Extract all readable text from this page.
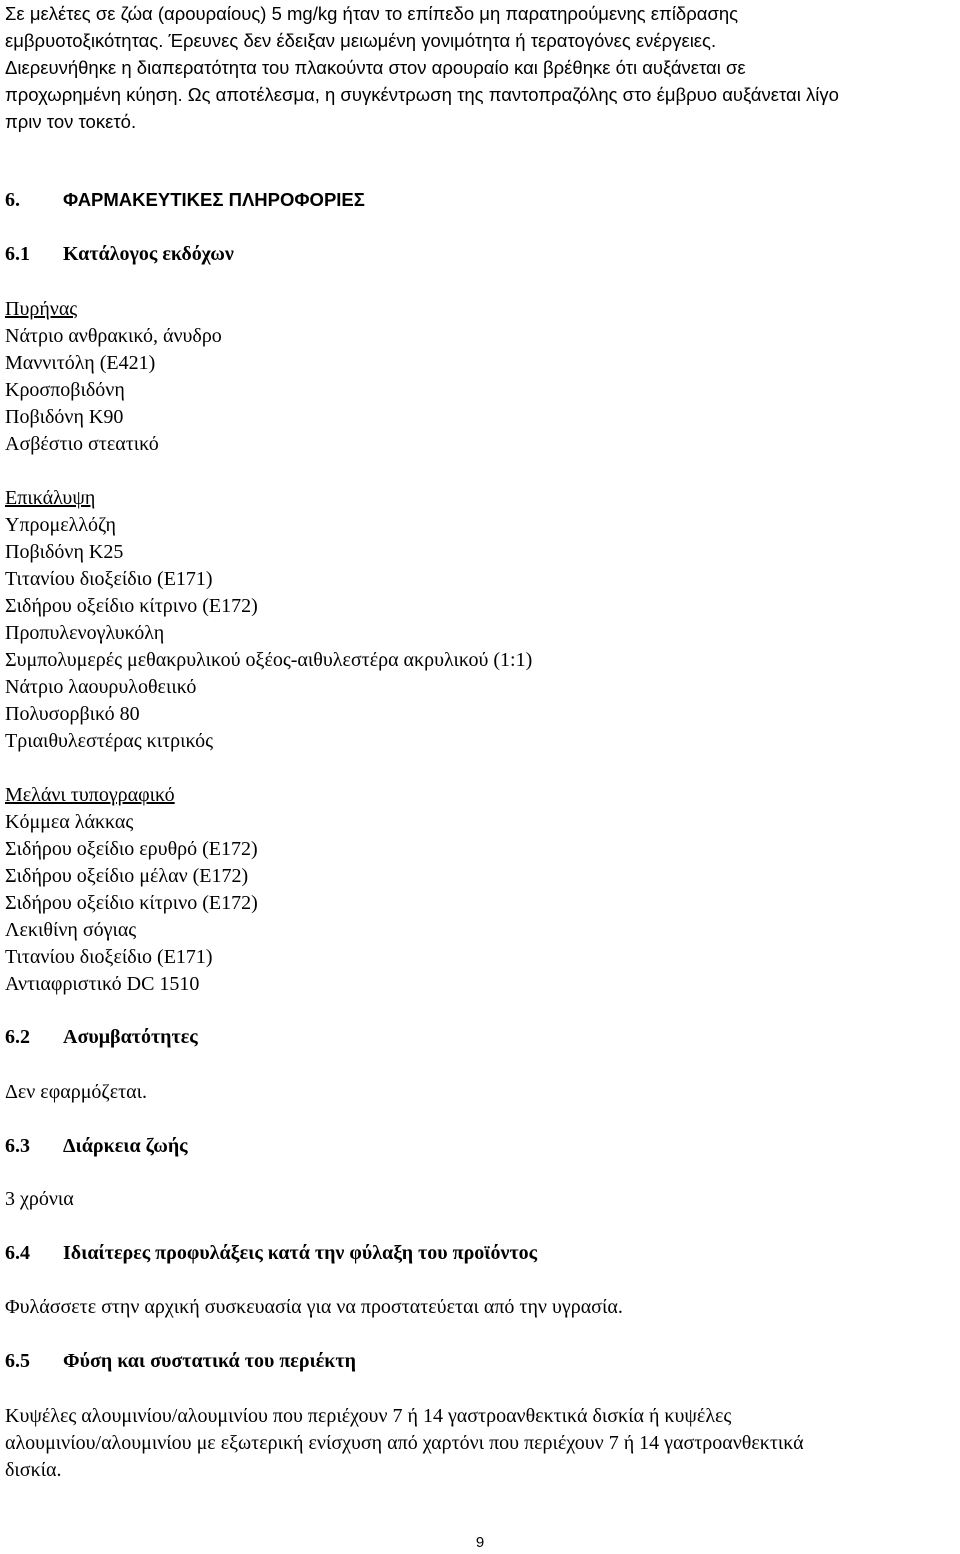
Σε μελέτες σε ζώα (αρουραίους) 5 mg/kg ήταν το επίπεδο μη παρατηρούμενης επίδρασης
εμβρυοτοξικότητας. Έρευνες δεν έδειξαν μειωμένη γονιμότητα ή τερατογόνες ενέργειες.
Διερευνήθηκε η διαπερατότητα του πλακούντα στον αρουραίο και βρέθηκε ότι αυξάνεται σε
προχωρημένη κύηση. Ως αποτέλεσμα, η συγκέντρωση της παντοπραζόλης στο έμβρυο αυξάνεται λίγο
πριν τον τοκετό.
6. ΦΑΡΜΑΚΕΥΤΙΚΕΣ ΠΛΗΡΟΦΟΡΙΕΣ
6.1 Κατάλογος εκδόχων
Πυρήνας
Νάτριο ανθρακικό, άνυδρο
Μαννιτόλη (E421)
Κροσποβιδόνη
Ποβιδόνη K90
Ασβέστιο στεατικό
Επικάλυψη
Υπρομελλόζη
Ποβιδόνη K25
Τιτανίου διοξείδιο (E171)
Σιδήρου οξείδιο κίτρινο (E172)
Προπυλενογλυκόλη
Συμπολυμερές μεθακρυλικού οξέος-αιθυλεστέρα ακρυλικού (1:1)
Νάτριο λαουρυλοθειικό
Πολυσορβικό 80
Τριαιθυλεστέρας κιτρικός
Μελάνι τυπογραφικό
Κόμμεα λάκκας
Σιδήρου οξείδιο ερυθρό (E172)
Σιδήρου οξείδιο μέλαν (E172)
Σιδήρου οξείδιο κίτρινο (E172)
Λεκιθίνη σόγιας
Τιτανίου διοξείδιο (E171)
Αντιαφριστικό DC 1510
6.2 Ασυμβατότητες
Δεν εφαρμόζεται.
6.3 Διάρκεια ζωής
3 χρόνια
6.4 Ιδιαίτερες προφυλάξεις κατά την φύλαξη του προϊόντος
Φυλάσσετε στην αρχική συσκευασία για να προστατεύεται από την υγρασία.
6.5 Φύση και συστατικά του περιέκτη
Κυψέλες αλουμινίου/αλουμινίου που περιέχουν 7 ή 14 γαστροανθεκτικά δισκία ή κυψέλες
αλουμινίου/αλουμινίου με εξωτερική ενίσχυση από χαρτόνι που περιέχουν 7 ή 14 γαστροανθεκτικά
δισκία.
9
